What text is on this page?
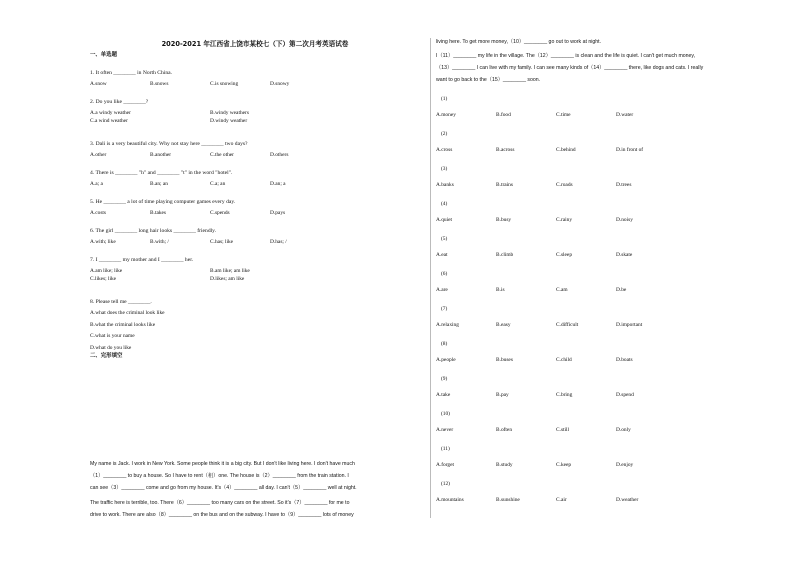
2020-2021 年江西省上饶市某校七（下）第二次月考英语试卷
一、单选题
1. It often ________ in North China.
A.snow	B.snows	C.is snowing	D.snowy
2. Do you like ________?
A.a windy weather	B.windy weathers
C.a wind weather	D.windy weather
3. Dali is a very beautiful city. Why not stay here ________ two days?
A.other	B.another	C.the other	D.others
4. There is ________ "h" and ________ "t" in the word "hotel".
A.a; a	B.an; an	C.a; an	D.an; a
5. He ________ a lot of time playing computer games every day.
A.costs	B.takes	C.spends	D.pays
6. The girl ________ long hair looks ________ friendly.
A.with; like	B.with; /	C.has; like	D.has; /
7. I ________ my mother and I ________ her.
A.am like; like	B.am like; am like
C.likes; like	D.likes; am like
8. Please tell me ________.
A.what does the criminal look like
B.what the criminal looks like
C.what is your name
D.what do you like
二、完形填空
My name is Jack. I work in New York. Some people think it is a big city. But I don't like living here. I don't have much
（1）________ to buy a house. So I have to rent（租）one. The house is（2）________ from the train station. I
can see（3）________ come and go from my house. It's（4）________ all day. I can't（5）________ well at night.
The traffic here is terrible, too. There（6）________ too many cars on the street. So it's（7）________ for me to
drive to work. There are also（8）________ on the bus and on the subway. I have to（9）________ lots of money
living here. To get more money,（10）________ go out to work at night.
I（11）________ my life in the village. The（12）________ is clean and the life is quiet. I can't get much money,
（13）________ I can live with my family. I can see many kinds of（14）________ there, like dogs and cats. I really
want to go back to the（15）________ soon.
(1)
A.money	B.food	C.time	D.water
(2)
A.cross	B.across	C.behind	D.in front of
(3)
A.banks	B.trains	C.roads	D.trees
(4)
A.quiet	B.busy	C.rainy	D.noisy
(5)
A.eat	B.climb	C.sleep	D.skate
(6)
A.are	B.is	C.am	D.be
(7)
A.relaxing	B.easy	C.difficult	D.important
(8)
A.people	B.buses	C.child	D.boats
(9)
A.take	B.pay	C.bring	D.spend
(10)
A.never	B.often	C.still	D.only
(11)
A.forget	B.study	C.keep	D.enjoy
(12)
A.mountains	B.sunshine	C.air	D.weather
